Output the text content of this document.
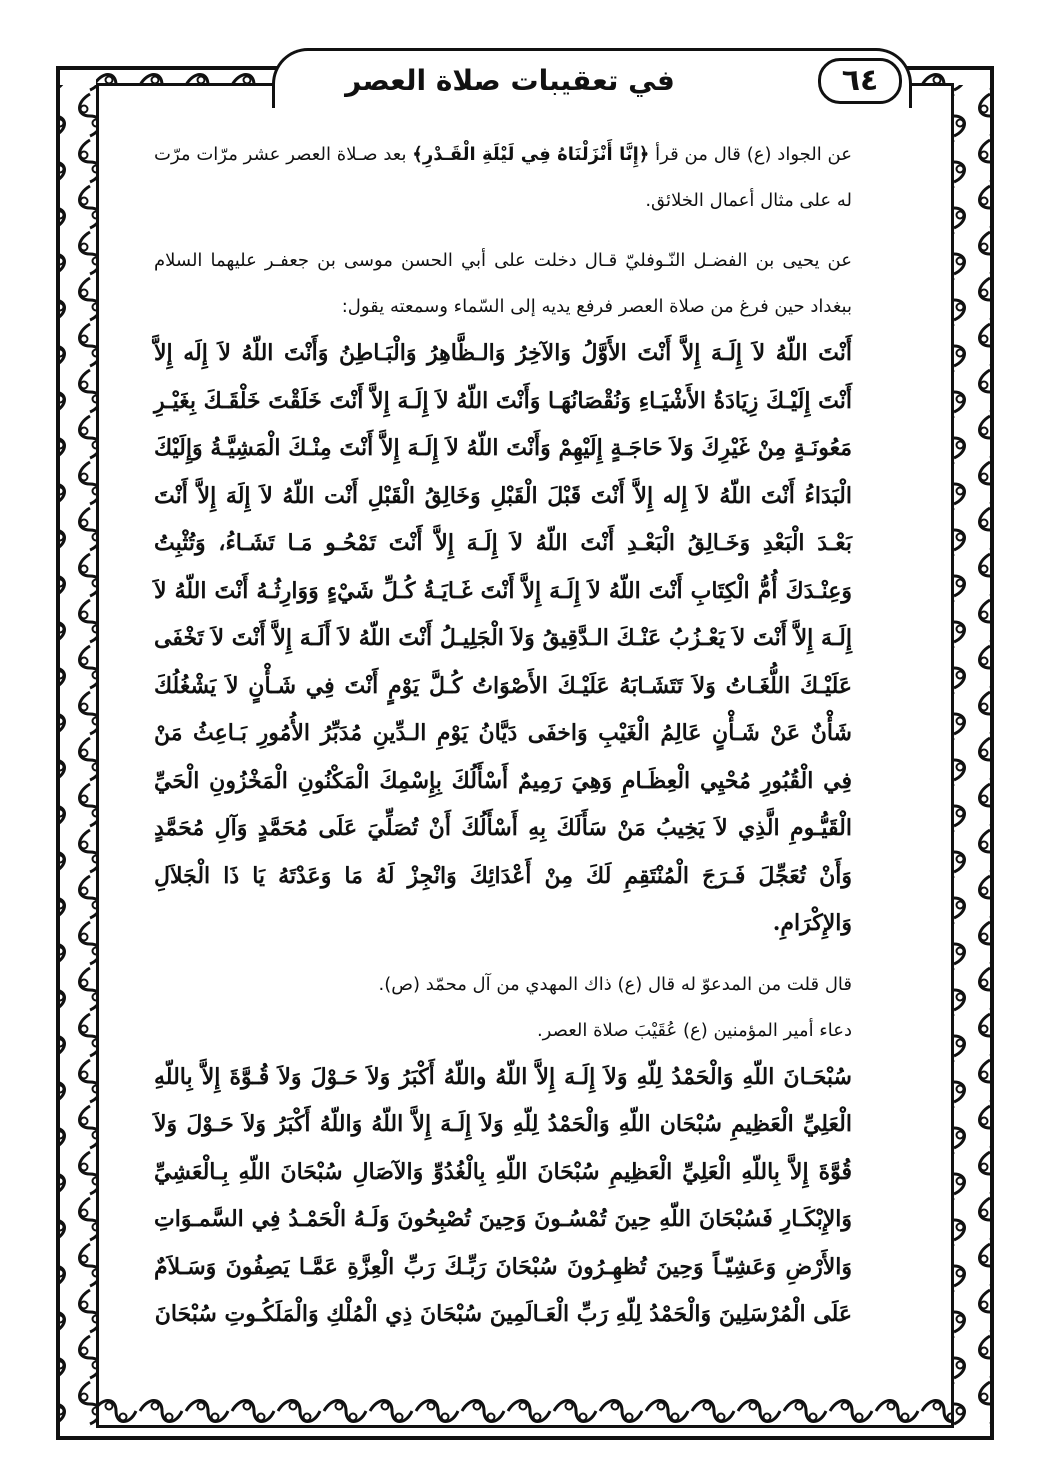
في تعقيبات صلاة العصر	٦٤

عن الجواد (ع) قال من قرأ ﴿إِنَّا أَنْزَلْنَاهُ فِي لَيْلَةِ الْقَـدْرِ﴾ بعد صـلاة العصر عشر مرّات مرّت له على مثال أعمال الخلائق.

عن يحيى بن الفضـل النّـوفليّ قـال دخلت على أبي الحسن موسى بن جعفـر عليهما السلام ببغداد حين فرغ من صلاة العصر فرفع يديه إلى السّماء وسمعته يقول:

أَنْتَ اللّهُ لاَ إِلَـهَ إِلاَّ أَنْتَ الأَوَّلُ وَالآخِرُ وَالـظَّاهِرُ وَالْبَـاطِنُ وَأَنْتَ اللّهُ لاَ إِلَه إِلاَّ أَنْتَ إِلَيْـكَ زِيَادَةُ الأَشْيَـاءِ وَنُقْصَانُهَـا وَأَنْتَ اللّهُ لاَ إِلَـهَ إِلاَّ أَنْتَ خَلَقْتَ خَلْقَـكَ بِغَيْـرِ مَعُونَـةٍ مِنْ غَيْرِكَ وَلاَ حَاجَـةٍ إِلَيْهِمْ وَأَنْتَ اللّهُ لاَ إِلَـهَ إِلاَّ أَنْتَ مِنْـكَ الْمَشِيَّـةُ وَإِلَيْكَ الْبَدَاءُ أَنْتَ اللّهُ لاَ إِله إِلاَّ أَنْتَ قَبْلَ الْقَبْلِ وَخَالِقُ الْقَبْلِ أَنْت اللّهُ لاَ إِلَهَ إِلاَّ أَنْتَ بَعْـدَ الْبَعْدِ وَخَـالِقُ الْبَعْـدِ أَنْتَ اللّهُ لاَ إِلَـهَ إِلاَّ أَنْتَ تَمْحُـو مَـا تَشَـاءُ، وَتُثْبِتُ وَعِنْـدَكَ أُمُّ الْكِتَابِ أَنْتَ اللّهُ لاَ إِلَـهَ إِلاَّ أَنْتَ غَـايَـةُ كُـلِّ شَيْءٍ وَوَارِثُـهُ أَنْتَ اللّهُ لاَ إِلَـهَ إِلاَّ أَنْتَ لاَ يَعْـزُبُ عَنْـكَ الـدَّقِيقُ وَلاَ الْجَلِيـلُ أَنْتَ اللّهُ لاَ أَلَـهَ إِلاَّ أَنْتَ لاَ تَخْفَى عَلَيْـكَ اللُّغَـاتُ وَلاَ تَتَشَـابَهُ عَلَيْـكَ الأَصْوَاتُ كُـلَّ يَوْمٍ أَنْتَ فِي شَـأْنٍ لاَ يَشْغُلُكَ شَأْنٌ عَنْ شَـأْنٍ عَالِمُ الْغَيْبِ وَاخفَى دَيَّانُ يَوْمِ الـدِّينِ مُدَبِّرُ الأُمُورِ بَـاعِثُ مَنْ فِي الْقُبُورِ مُحْيِي الْعِظَـامِ وَهِيَ رَمِيمٌ أَسْأَلُكَ بِإِسْمِكَ الْمَكْنُونِ الْمَخْزُونِ الْحَيِّ الْقَيُّـومِ الَّذِي لاَ يَخِيبُ مَنْ سَأَلَكَ بِهِ أَسْأَلُكَ أَنْ تُصَلِّيَ عَلَى مُحَمَّدٍ وَآلِ مُحَمَّدٍ وَأَنْ تُعَجِّلَ فَـرَجَ الْمُنْتَقِمِ لَكَ مِنْ أَعْدَائِكَ وَانْجِزْ لَهُ مَا وَعَدْتَهُ يَا ذَا الْجَلاَلِ وَالإِكْرَامِ.

قال قلت من المدعوّ له قال (ع) ذاك المهدي من آل محمّد (ص).

دعاء أمير المؤمنين (ع) عُقَيْبَ صلاة العصر.

سُبْحَـانَ اللّهِ وَالْحَمْدُ لِلّهِ وَلاَ إِلَـهَ إِلاَّ اللّهُ واللّهُ أَكْبَرُ وَلاَ حَـوْلَ وَلاَ قُـوَّةَ إِلاَّ بِاللّهِ الْعَلِيِّ الْعَظِيمِ سُبْحَان اللّهِ وَالْحَمْدُ لِلّهِ وَلاَ إِلَـهَ إِلاَّ اللّهُ وَاللّهُ أَكْبَرُ وَلاَ حَـوْلَ وَلاَ قُوَّةَ إِلاَّ بِاللّهِ الْعَلِيِّ الْعَظِيمِ سُبْحَانَ اللّهِ بِالْغُدُوِّ وَالآصَالِ سُبْحَانَ اللّهِ بِـالْعَشِيِّ وَالإِبْكَـارِ فَسُبْحَانَ اللّهِ حِينَ تُمْسُـونَ وَحِينَ تُصْبِحُونَ وَلَـهُ الْحَمْـدُ فِي السَّمـوَاتِ وَالأَرْضِ وَعَشِيّـاً وَحِينَ تُظهِـرُونَ سُبْحَانَ رَبِّـكَ رَبِّ الْعِزَّةِ عَمَّـا يَصِفُونَ وَسَـلاَمٌ عَلَى الْمُرْسَلِينَ وَالْحَمْدُ لِلّهِ رَبِّ الْعَـالَمِينَ سُبْحَانَ ذِي الْمُلْكِ وَالْمَلَكُـوتِ سُبْحَانَ
